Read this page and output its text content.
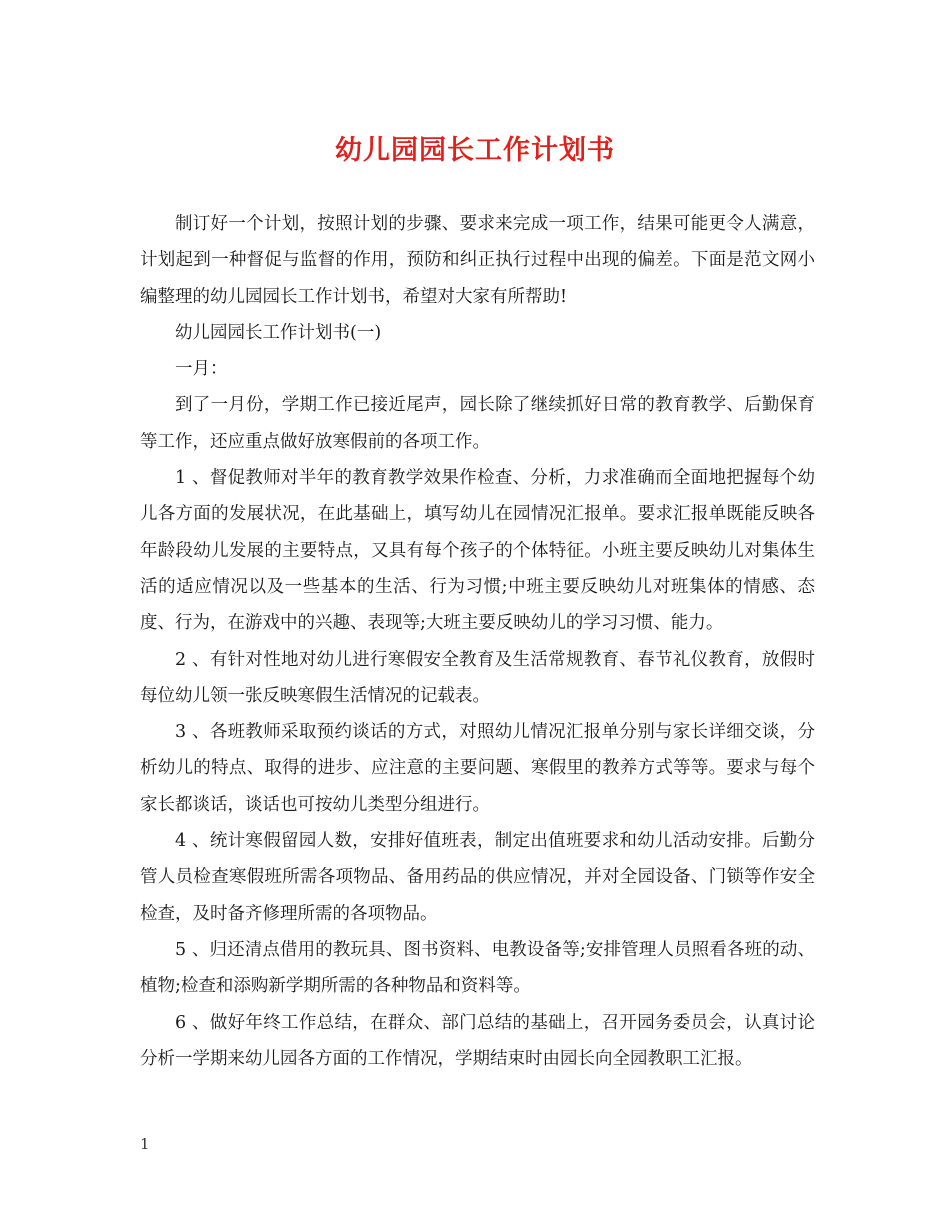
幼儿园园长工作计划书

制订好一个计划，按照计划的步骤、要求来完成一项工作，结果可能更令人满意，计划起到一种督促与监督的作用，预防和纠正执行过程中出现的偏差。下面是范文网小编整理的幼儿园园长工作计划书，希望对大家有所帮助!

幼儿园园长工作计划书(一)

一月：

到了一月份，学期工作已接近尾声，园长除了继续抓好日常的教育教学、后勤保育等工作，还应重点做好放寒假前的各项工作。

1 、督促教师对半年的教育教学效果作检查、分析，力求准确而全面地把握每个幼儿各方面的发展状况，在此基础上，填写幼儿在园情况汇报单。要求汇报单既能反映各年龄段幼儿发展的主要特点，又具有每个孩子的个体特征。小班主要反映幼儿对集体生活的适应情况以及一些基本的生活、行为习惯;中班主要反映幼儿对班集体的情感、态度、行为，在游戏中的兴趣、表现等;大班主要反映幼儿的学习习惯、能力。

2 、有针对性地对幼儿进行寒假安全教育及生活常规教育、春节礼仪教育，放假时每位幼儿领一张反映寒假生活情况的记载表。

3 、各班教师采取预约谈话的方式，对照幼儿情况汇报单分别与家长详细交谈，分析幼儿的特点、取得的进步、应注意的主要问题、寒假里的教养方式等等。要求与每个家长都谈话，谈话也可按幼儿类型分组进行。

4 、统计寒假留园人数，安排好值班表，制定出值班要求和幼儿活动安排。后勤分管人员检查寒假班所需各项物品、备用药品的供应情况，并对全园设备、门锁等作安全检查，及时备齐修理所需的各项物品。

5 、归还清点借用的教玩具、图书资料、电教设备等;安排管理人员照看各班的动、植物;检查和添购新学期所需的各种物品和资料等。

6 、做好年终工作总结，在群众、部门总结的基础上，召开园务委员会，认真讨论分析一学期来幼儿园各方面的工作情况，学期结束时由园长向全园教职工汇报。

1
